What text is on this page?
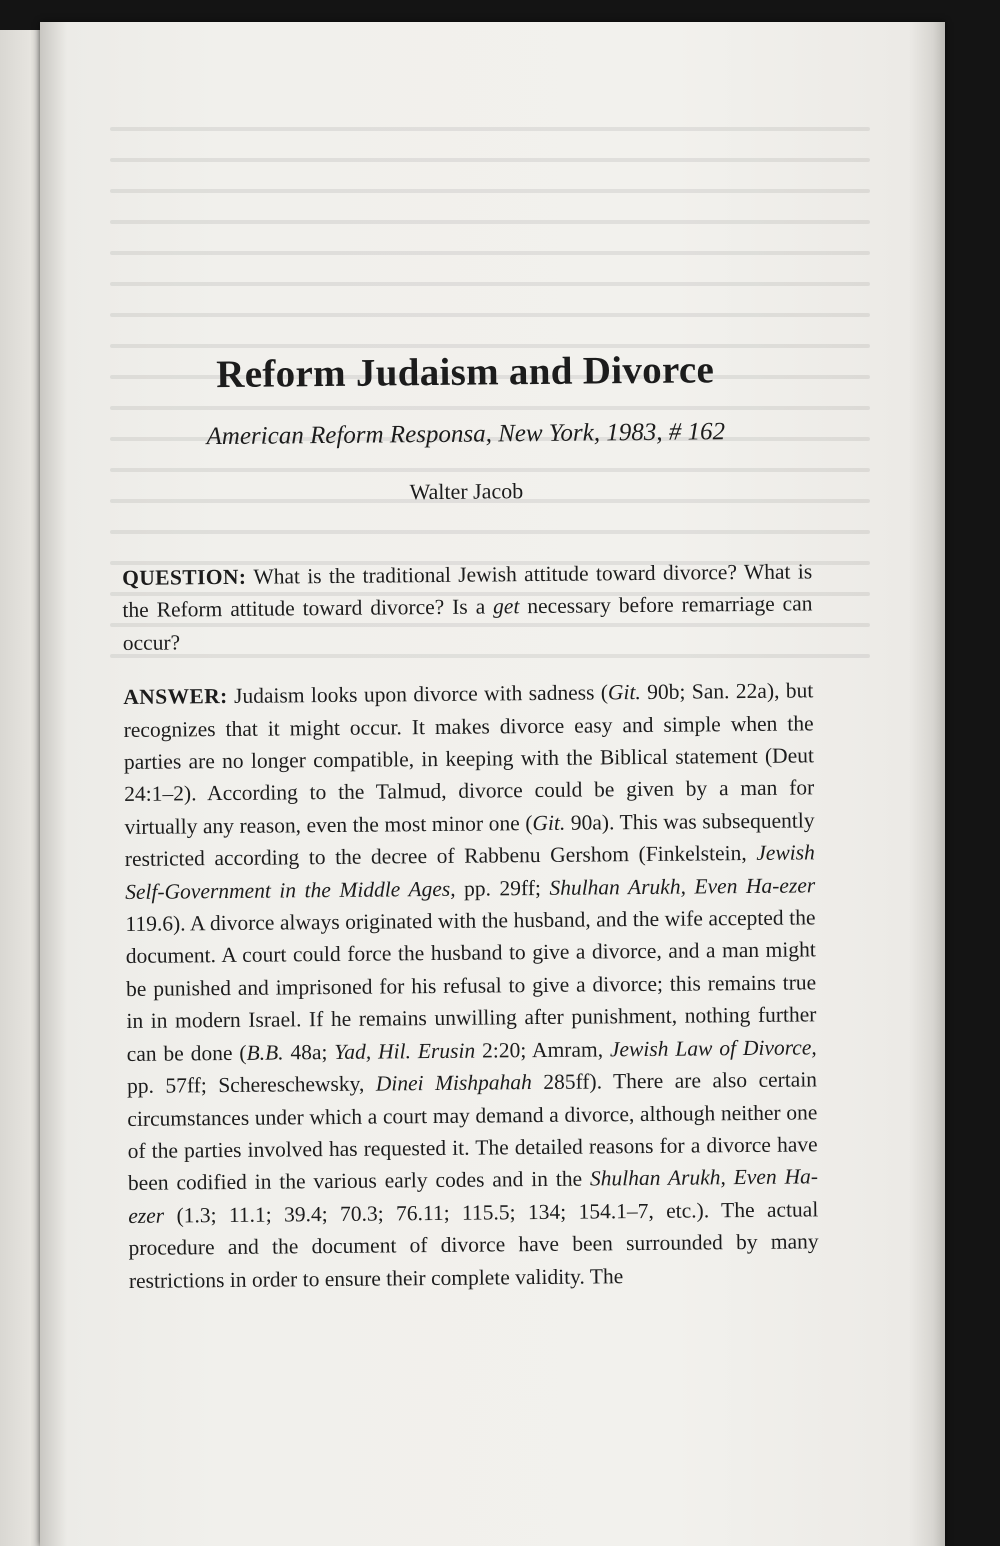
Reform Judaism and Divorce

American Reform Responsa, New York, 1983, # 162

Walter Jacob

QUESTION: What is the traditional Jewish attitude toward divorce? What is the Reform attitude toward divorce? Is a get necessary before remarriage can occur?

ANSWER: Judaism looks upon divorce with sadness (Git. 90b; San. 22a), but recognizes that it might occur. It makes divorce easy and simple when the parties are no longer compatible, in keeping with the Biblical statement (Deut 24:1–2). According to the Talmud, divorce could be given by a man for virtually any reason, even the most minor one (Git. 90a). This was subsequently restricted according to the decree of Rabbenu Gershom (Finkelstein, Jewish Self-Government in the Middle Ages, pp. 29ff; Shulhan Arukh, Even Ha-ezer 119.6). A divorce always originated with the husband, and the wife accepted the document. A court could force the husband to give a divorce, and a man might be punished and imprisoned for his refusal to give a divorce; this remains true in in modern Israel. If he remains unwilling after punishment, nothing further can be done (B.B. 48a; Yad, Hil. Erusin 2:20; Amram, Jewish Law of Divorce, pp. 57ff; Schereschewsky, Dinei Mishpahah 285ff). There are also certain circumstances under which a court may demand a divorce, although neither one of the parties involved has requested it. The detailed reasons for a divorce have been codified in the various early codes and in the Shulhan Arukh, Even Ha-ezer (1.3; 11.1; 39.4; 70.3; 76.11; 115.5; 134; 154.1–7, etc.). The actual procedure and the document of divorce have been surrounded by many restrictions in order to ensure their complete validity. The
